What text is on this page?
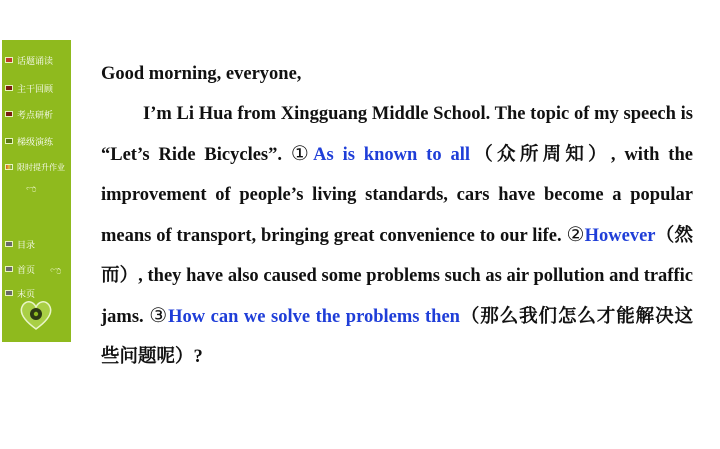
话题诵读
主干回顾
考点研析
梯级演练
限时提升作业
ಌ
目录
首页 ಌ
末页

Good morning, everyone,

I’m Li Hua from Xingguang Middle School. The topic of my speech is “Let’s Ride Bicycles”. ①As is known to all（众所周知）, with the improvement of people’s living standards, cars have become a popular means of transport, bringing great convenience to our life. ②However（然而）, they have also caused some problems such as air pollution and traffic jams. ③How can we solve the problems then（那么我们怎么才能解决这些问题呢）?
